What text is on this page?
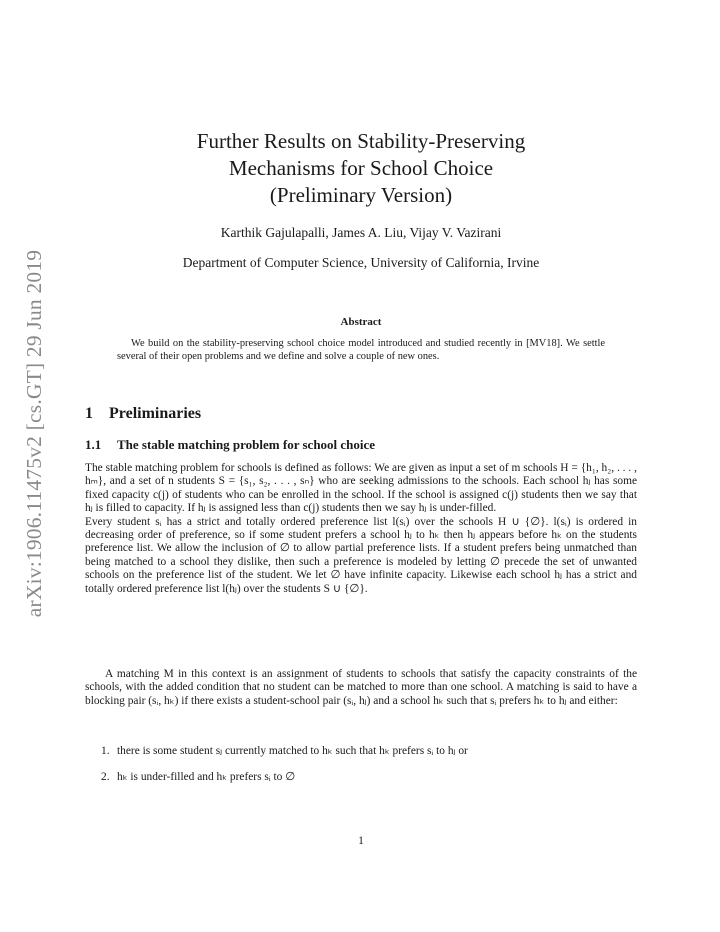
arXiv:1906.11475v2 [cs.GT] 29 Jun 2019
Further Results on Stability-Preserving
Mechanisms for School Choice
(Preliminary Version)
Karthik Gajulapalli, James A. Liu, Vijay V. Vazirani
Department of Computer Science, University of California, Irvine
Abstract

We build on the stability-preserving school choice model introduced and studied recently in [MV18]. We settle several of their open problems and we define and solve a couple of new ones.

1 Preliminaries
1.1 The stable matching problem for school choice
The stable matching problem for schools is defined as follows: We are given as input a set of m schools H = {h₁, h₂, . . . , hₘ}, and a set of n students S = {s₁, s₂, . . . , sₙ} who are seeking admissions to the schools. Each school hⱼ has some fixed capacity c(j) of students who can be enrolled in the school. If the school is assigned c(j) students then we say that hⱼ is filled to capacity. If hⱼ is assigned less than c(j) students then we say hⱼ is under-filled.
Every student sᵢ has a strict and totally ordered preference list l(sᵢ) over the schools H ∪ {∅}. l(sᵢ) is ordered in decreasing order of preference, so if some student prefers a school hⱼ to hₖ then hⱼ appears before hₖ on the students preference list. We allow the inclusion of ∅ to allow partial preference lists. If a student prefers being unmatched than being matched to a school they dislike, then such a preference is modeled by letting ∅ precede the set of unwanted schools on the preference list of the student. We let ∅ have infinite capacity. Likewise each school hⱼ has a strict and totally ordered preference list l(hⱼ) over the students S ∪ {∅}.

A matching M in this context is an assignment of students to schools that satisfy the capacity constraints of the schools, with the added condition that no student can be matched to more than one school. A matching is said to have a blocking pair (sᵢ, hₖ) if there exists a student-school pair (sᵢ, hⱼ) and a school hₖ such that sᵢ prefers hₖ to hⱼ and either:

1. there is some student sⱼ currently matched to hₖ such that hₖ prefers sᵢ to hⱼ or
2. hₖ is under-filled and hₖ prefers sᵢ to ∅
1
